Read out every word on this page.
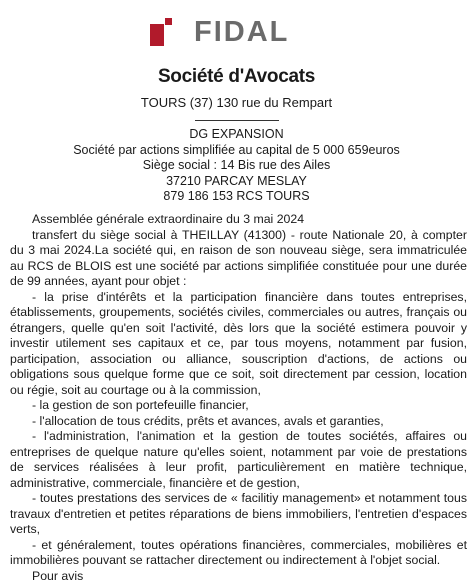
FIDAL
Société d'Avocats
TOURS (37) 130 rue du Rempart
DG EXPANSION
Société par actions simplifiée au capital de 5 000 659euros
Siège social : 14 Bis rue des Ailes
37210 PARCAY MESLAY
879 186 153 RCS TOURS

Assemblée générale extraordinaire du 3 mai 2024

transfert du siège social à THEILLAY (41300) - route Nationale 20, à compter du 3 mai 2024.La société qui, en raison de son nouveau siège, sera immatriculée au RCS de BLOIS est une société par actions simplifiée constituée pour une durée de 99 années, ayant pour objet :

- la prise d'intérêts et la participation financière dans toutes entreprises, établissements, groupements, sociétés civiles, commerciales ou autres, français ou étrangers, quelle qu'en soit l'activité, dès lors que la société estimera pouvoir y investir utilement ses capitaux et ce, par tous moyens, notamment par fusion, participation, association ou alliance, souscription d'actions, de actions ou obligations sous quelque forme que ce soit, soit directement par cession, location ou régie, soit au courtage ou à la commission,

- la gestion de son portefeuille financier,

- l'allocation de tous crédits, prêts et avances, avals et garanties,

- l'administration, l'animation et la gestion de toutes sociétés, affaires ou entreprises de quelque nature qu'elles soient, notamment par voie de prestations de services réalisées à leur profit, particulièrement en matière technique, administrative, commerciale, financière et de gestion,

- toutes prestations des services de « facilitiy management» et notamment tous travaux d'entretien et petites réparations de biens immobiliers, l'entretien d'espaces verts,

- et généralement, toutes opérations financières, commerciales, mobilières et immobilières pouvant se rattacher directement ou indirectement à l'objet social.

Pour avis
